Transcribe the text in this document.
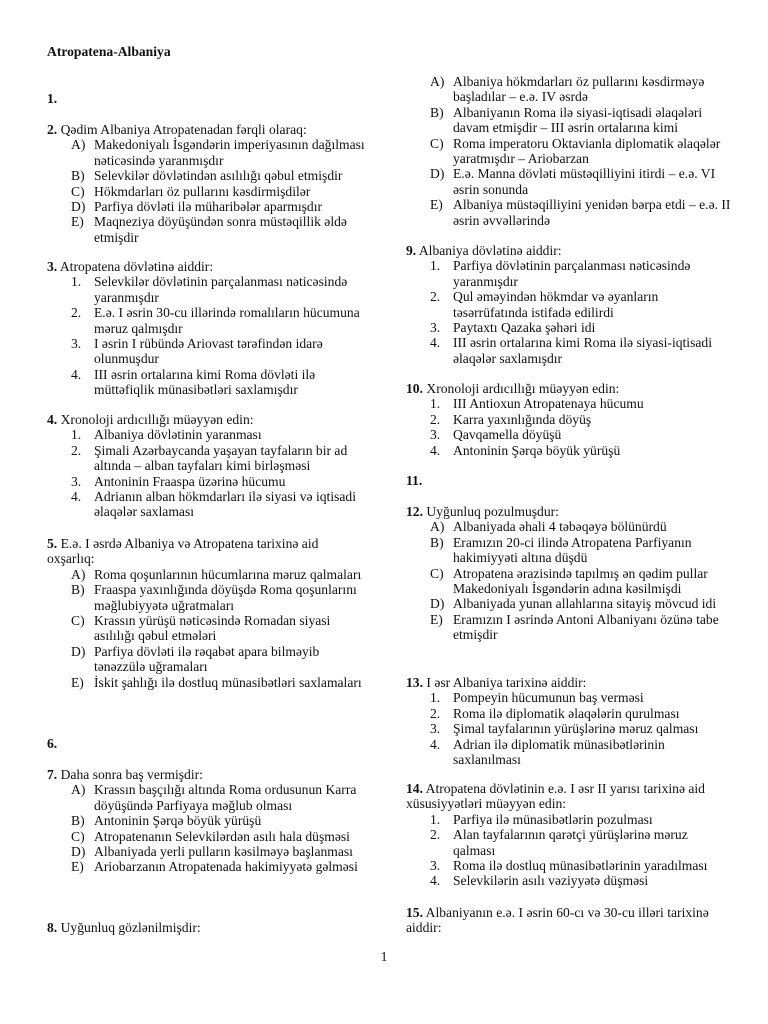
Atropatena-Albaniya
1.
2. Qədim Albaniya Atropatenadan fərqli olaraq:
A) Makedoniyalı İsgəndərin imperiyasının dağılması nəticəsində yaranmışdır
B) Selevkilər dövlətindən asılılığı qəbul etmişdir
C) Hökmdarları öz pullarını kəsdirmişdilər
D) Parfiya dövləti ilə müharibələr aparmışdır
E) Maqneziya döyüşündən sonra müstəqillik əldə etmişdir
3. Atropatena dövlətinə aiddir:
1. Selevkilər dövlətinin parçalanması nəticəsində yaranmışdır
2. E.ə. I əsrin 30-cu illərində romalıların hücumuna məruz qalmışdır
3. I əsrin I rübündə Ariovast tərəfindən idarə olunmuşdur
4. III əsrin ortalarına kimi Roma dövləti ilə müttəfiqlik münasibətləri saxlamışdır
4. Xronoloji ardıcıllığı müəyyən edin:
1. Albaniya dövlətinin yaranması
2. Şimali Azərbaycanda yaşayan tayfaların bir ad altında – alban tayfaları kimi birləşməsi
3. Antoninin Fraaspa üzərinə hücumu
4. Adrianın alban hökmdarları ilə siyasi və iqtisadi əlaqələr saxlaması
5. E.ə. I əsrdə Albaniya və Atropatena tarixinə aid oxşarlıq:
A) Roma qoşunlarının hücumlarına məruz qalmaları
B) Fraaspa yaxınlığında döyüşdə Roma qoşunlarını məğlubiyyətə uğratmaları
C) Krassın yürüşü nəticəsində Romadan siyasi asılılığı qəbul etmələri
D) Parfiya dövləti ilə rəqabət apara bilməyib tənəzzülə uğramaları
E) İskit şahlığı ilə dostluq münasibətləri saxlamaları
6.
7. Daha sonra baş vermişdir:
A) Krassın başçılığı altında Roma ordusunun Karra döyüşündə Parfiyaya məğlub olması
B) Antoninin Şərqə böyük yürüşü
C) Atropatenanın Selevkilərdən asılı hala düşməsi
D) Albaniyada yerli pulların kəsilməyə başlanması
E) Ariobarzanın Atropatenada hakimiyyətə gəlməsi
8. Uyğunluq gözlənilmişdir:
A) Albaniya hökmdarları öz pullarını kəsdirməyə başladılar – e.ə. IV əsrdə
B) Albaniyanın Roma ilə siyasi-iqtisadi əlaqələri davam etmişdir – III əsrin ortalarına kimi
C) Roma imperatoru Oktavianla diplomatik əlaqələr yaratmışdır – Ariobarzan
D) E.ə. Manna dövləti müstəqilliyini itirdi – e.ə. VI əsrin sonunda
E) Albaniya müstəqilliyini yenidən bərpa etdi – e.ə. II əsrin əvvəllərində
9. Albaniya dövlətinə aiddir:
1. Parfiya dövlətinin parçalanması nəticəsində yaranmışdır
2. Qul əməyindən hökmdar və əyanların təsərrüfatında istifadə edilirdi
3. Paytaxtı Qazaka şəhəri idi
4. III əsrin ortalarına kimi Roma ilə siyasi-iqtisadi əlaqələr saxlamışdır
10. Xronoloji ardıcıllığı müəyyən edin:
1. III Antioxun Atropatenaya hücumu
2. Karra yaxınlığında döyüş
3. Qavqamella döyüşü
4. Antoninin Şərqə böyük yürüşü
11.
12. Uyğunluq pozulmuşdur:
A) Albaniyada əhali 4 təbəqəyə bölünürdü
B) Eramızın 20-ci ilində Atropatena Parfiyanın hakimiyyəti altına düşdü
C) Atropatena ərazisində tapılmış ən qədim pullar Makedoniyalı İsgəndərin adına kəsilmişdi
D) Albaniyada yunan allahlarına sitayiş mövcud idi
E) Eramızın I əsrində Antoni Albaniyanı özünə tabe etmişdir
13. I əsr Albaniya tarixinə aiddir:
1. Pompeyin hücumunun baş verməsi
2. Roma ilə diplomatik əlaqələrin qurulması
3. Şimal tayfalarının yürüşlərinə məruz qalması
4. Adrian ilə diplomatik münasibətlərinin saxlanılması
14. Atropatena dövlətinin e.ə. I əsr II yarısı tarixinə aid xüsusiyyətləri müəyyən edin:
1. Parfiya ilə münasibətlərin pozulması
2. Alan tayfalarının qarətçi yürüşlərinə məruz qalması
3. Roma ilə dostluq münasibətlərinin yaradılması
4. Selevkilərin asılı vəziyyətə düşməsi
15. Albaniyanın e.ə. I əsrin 60-cı və 30-cu illəri tarixinə aiddir:
1
